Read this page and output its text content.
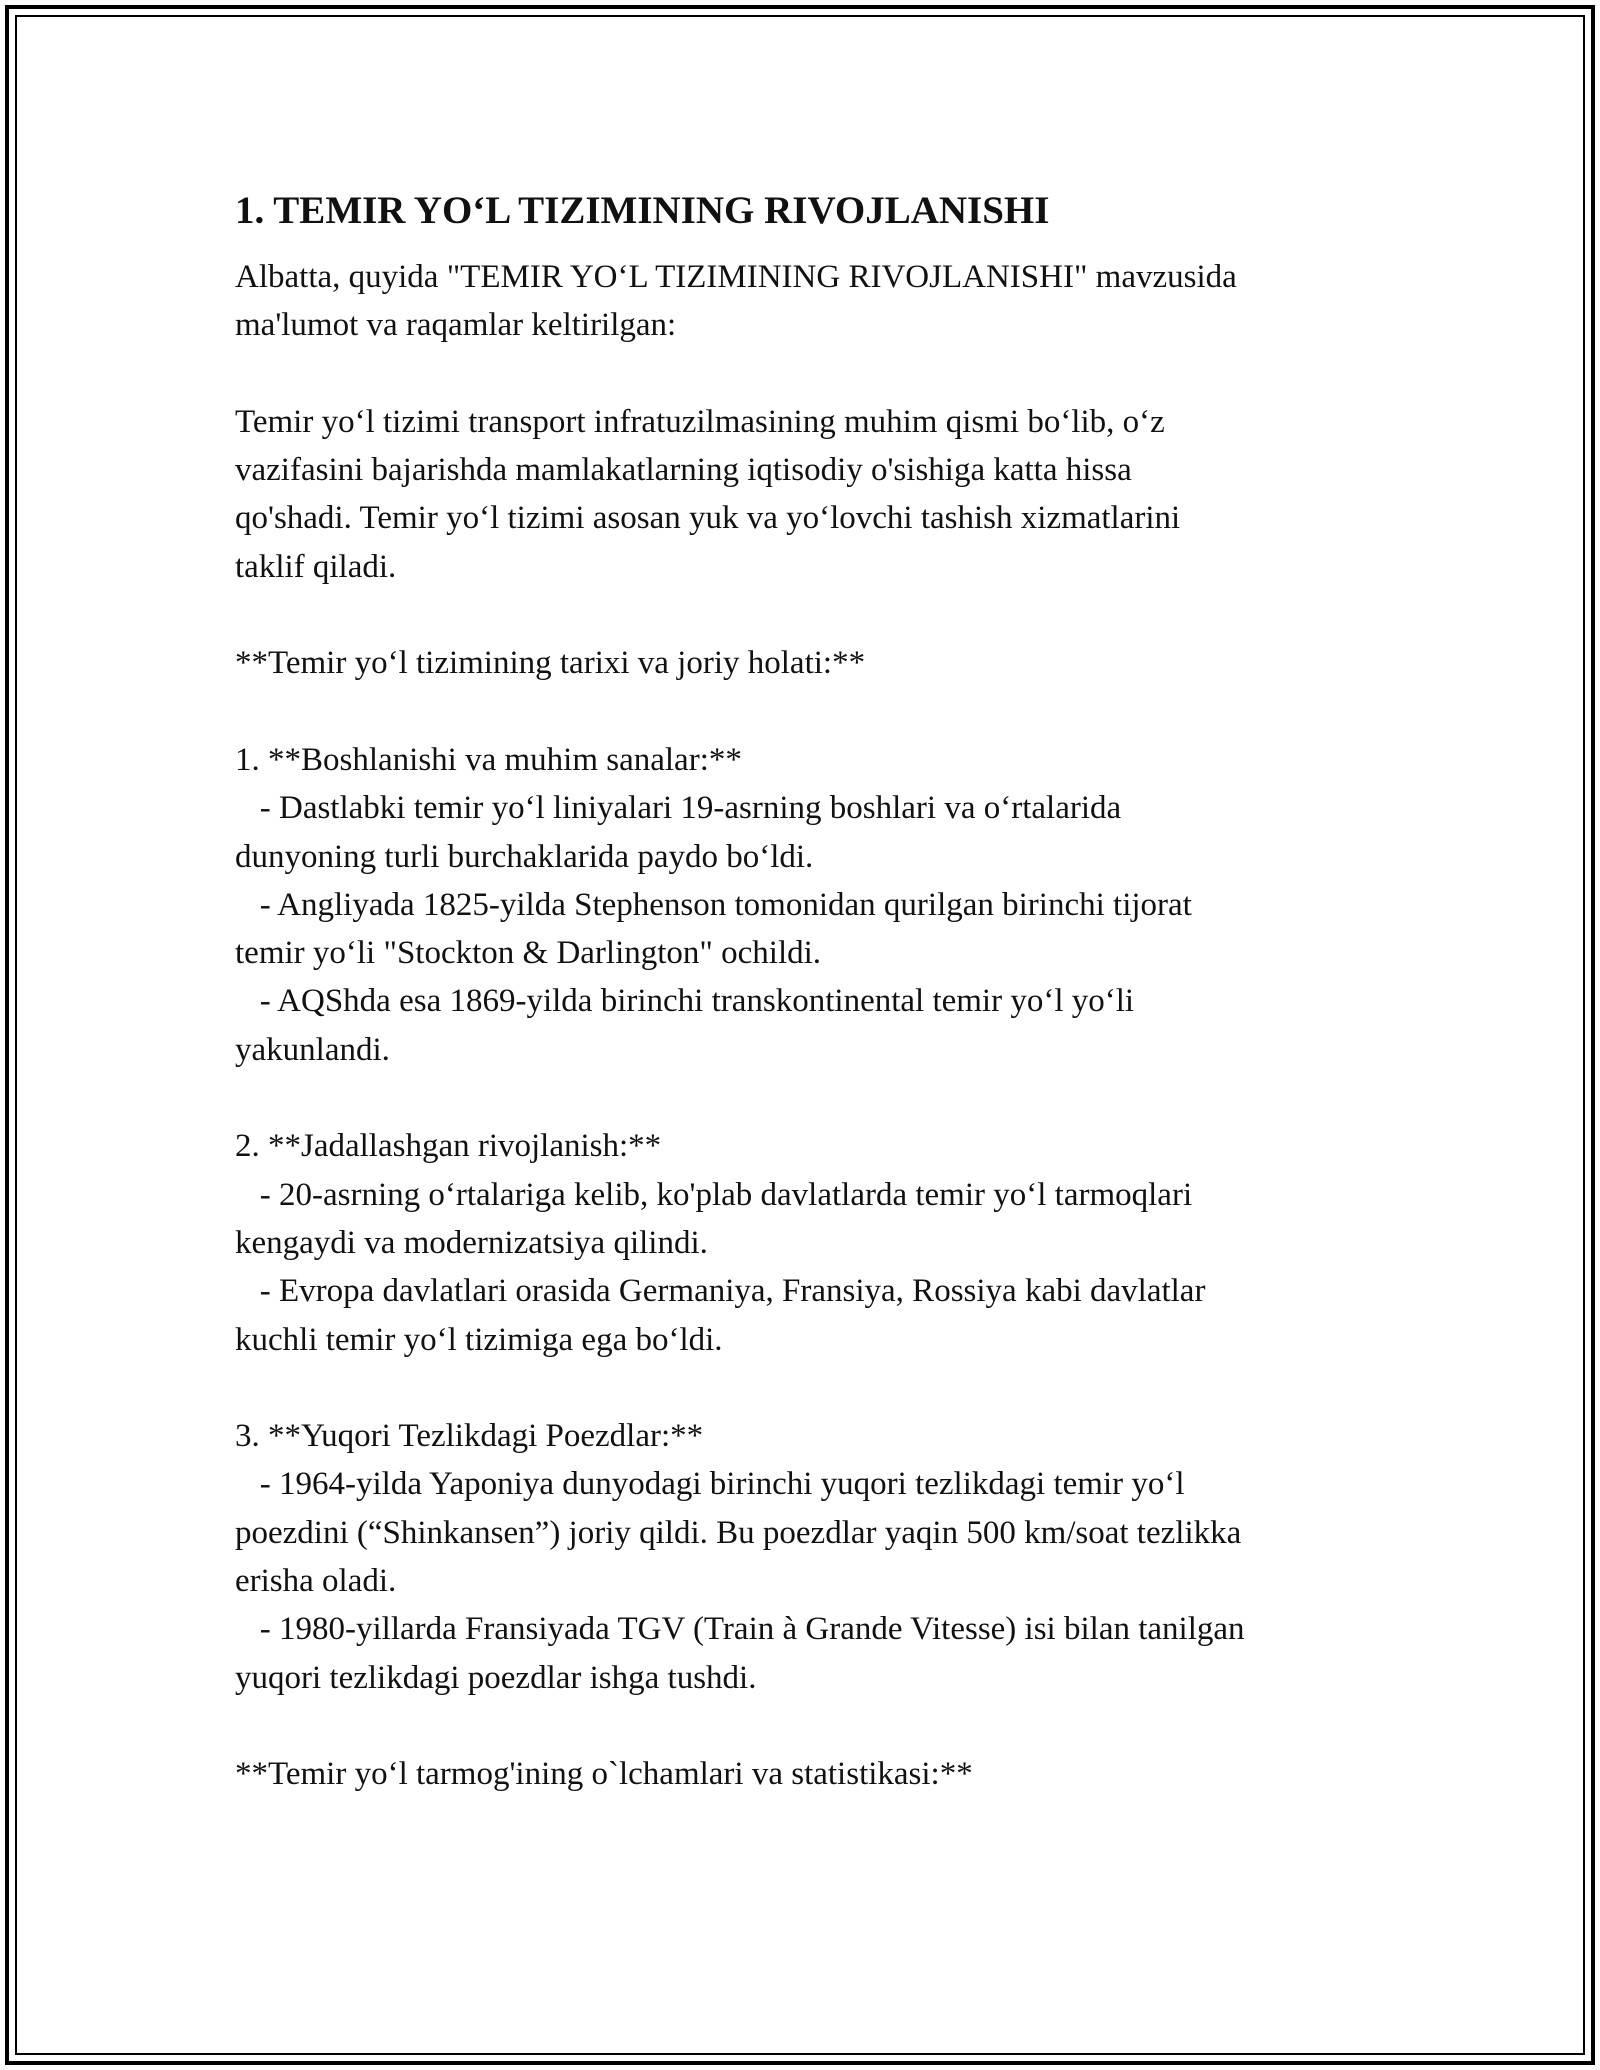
1. TEMIR YO‘L TIZIMINING RIVOJLANISHI

Albatta, quyida "TEMIR YO‘L TIZIMINING RIVOJLANISHI" mavzusida
ma'lumot va raqamlar keltirilgan:

Temir yo‘l tizimi transport infratuzilmasining muhim qismi bo‘lib, o‘z
vazifasini bajarishda mamlakatlarning iqtisodiy o'sishiga katta hissa
qo'shadi. Temir yo‘l tizimi asosan yuk va yo‘lovchi tashish xizmatlarini
taklif qiladi.

**Temir yo‘l tizimining tarixi va joriy holati:**

1. **Boshlanishi va muhim sanalar:**
- Dastlabki temir yo‘l liniyalari 19-asrning boshlari va o‘rtalarida
dunyoning turli burchaklarida paydo bo‘ldi.
- Angliyada 1825-yilda Stephenson tomonidan qurilgan birinchi tijorat
temir yo‘li "Stockton & Darlington" ochildi.
- AQShda esa 1869-yilda birinchi transkontinental temir yo‘l yo‘li
yakunlandi.

2. **Jadallashgan rivojlanish:**
- 20-asrning o‘rtalariga kelib, ko'plab davlatlarda temir yo‘l tarmoqlari
kengaydi va modernizatsiya qilindi.
- Evropa davlatlari orasida Germaniya, Fransiya, Rossiya kabi davlatlar
kuchli temir yo‘l tizimiga ega bo‘ldi.

3. **Yuqori Tezlikdagi Poezdlar:**
- 1964-yilda Yaponiya dunyodagi birinchi yuqori tezlikdagi temir yo‘l
poezdini (“Shinkansen”) joriy qildi. Bu poezdlar yaqin 500 km/soat tezlikka
erisha oladi.
- 1980-yillarda Fransiyada TGV (Train à Grande Vitesse) isi bilan tanilgan
yuqori tezlikdagi poezdlar ishga tushdi.

**Temir yo‘l tarmog'ining o`lchamlari va statistikasi:**
